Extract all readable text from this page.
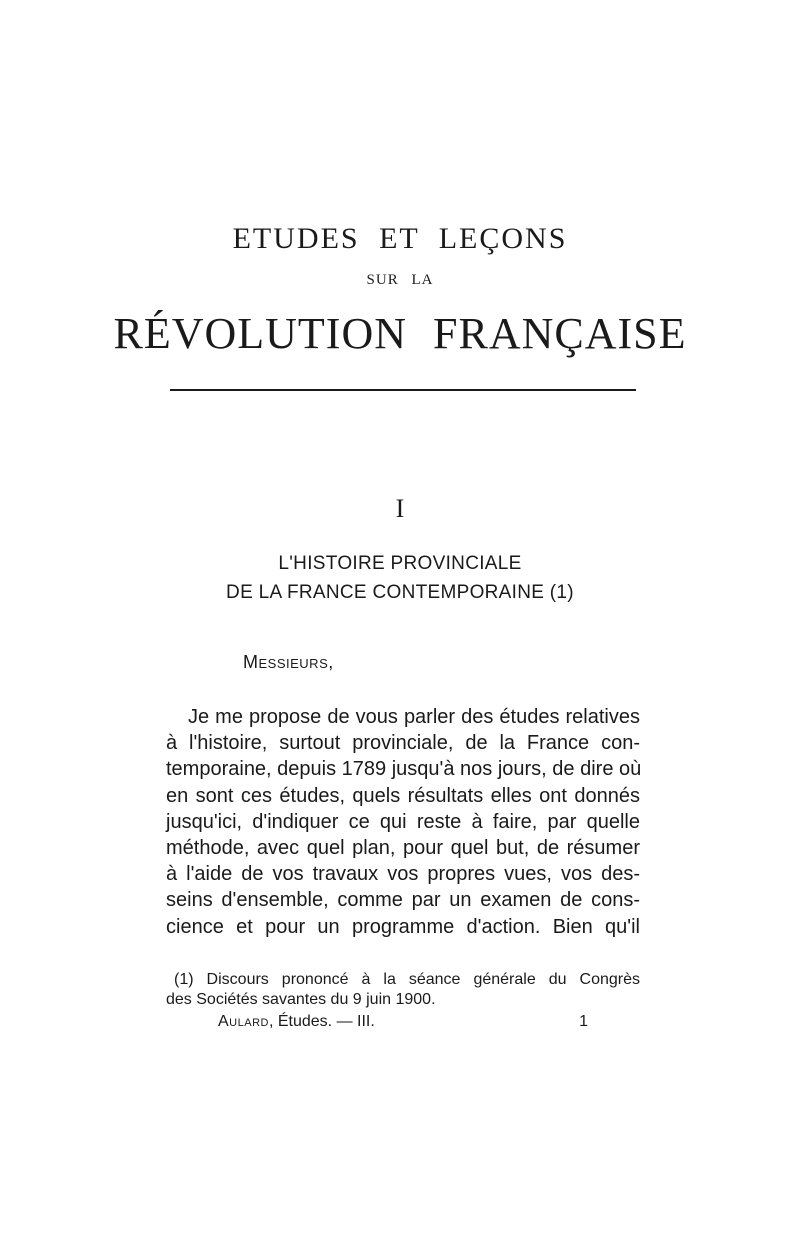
ETUDES ET LEÇONS
SUR LA
RÉVOLUTION FRANÇAISE
I
L'HISTOIRE PROVINCIALE
DE LA FRANCE CONTEMPORAINE (1)
Messieurs,
Je me propose de vous parler des études relatives
à l'histoire, surtout provinciale, de la France con-
temporaine, depuis 1789 jusqu'à nos jours, de dire où
en sont ces études, quels résultats elles ont donnés
jusqu'ici, d'indiquer ce qui reste à faire, par quelle
méthode, avec quel plan, pour quel but, de résumer
à l'aide de vos travaux vos propres vues, vos des-
seins d'ensemble, comme par un examen de cons-
cience et pour un programme d'action. Bien qu'il
(1) Discours prononcé à la séance générale du Congrès
des Sociétés savantes du 9 juin 1900.
Aulard, Études. — III.	1
